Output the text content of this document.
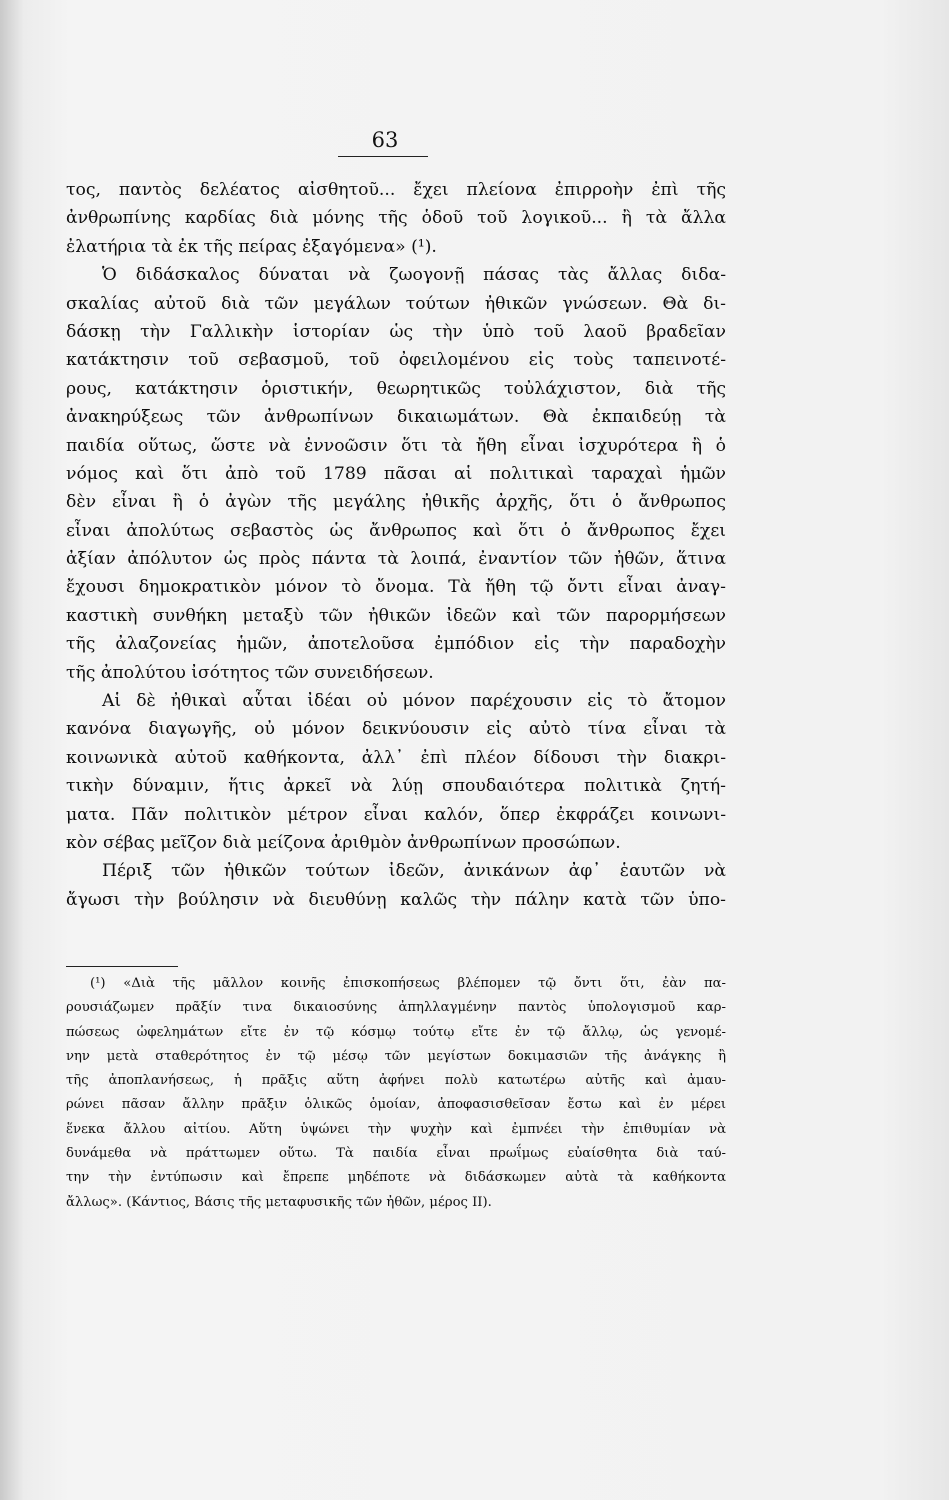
63
τος, παντὸς δελέατος αἰσθητοῦ... ἔχει πλείονα ἐπιρροὴν ἐπὶ τῆς
ἀνθρωπίνης καρδίας διὰ μόνης τῆς ὁδοῦ τοῦ λογικοῦ... ἢ τὰ ἄλλα
ἐλατήρια τὰ ἐκ τῆς πείρας ἐξαγόμενα» (¹).
Ὁ διδάσκαλος δύναται νὰ ζωογονῇ πάσας τὰς ἄλλας διδα-
σκαλίας αὐτοῦ διὰ τῶν μεγάλων τούτων ἠθικῶν γνώσεων. Θὰ δι-
δάσκῃ τὴν Γαλλικὴν ἱστορίαν ὡς τὴν ὑπὸ τοῦ λαοῦ βραδεῖαν
κατάκτησιν τοῦ σεβασμοῦ, τοῦ ὀφειλομένου εἰς τοὺς ταπεινοτέ-
ρους, κατάκτησιν ὁριστικήν, θεωρητικῶς τοὐλάχιστον, διὰ τῆς
ἀνακηρύξεως τῶν ἀνθρωπίνων δικαιωμάτων. Θὰ ἐκπαιδεύῃ τὰ
παιδία οὕτως, ὥστε νὰ ἐννοῶσιν ὅτι τὰ ἤθη εἶναι ἰσχυρότερα ἢ ὁ
νόμος καὶ ὅτι ἀπὸ τοῦ 1789 πᾶσαι αἱ πολιτικαὶ ταραχαὶ ἡμῶν
δὲν εἶναι ἢ ὁ ἀγὼν τῆς μεγάλης ἠθικῆς ἀρχῆς, ὅτι ὁ ἄνθρωπος
εἶναι ἀπολύτως σεβαστὸς ὡς ἄνθρωπος καὶ ὅτι ὁ ἄνθρωπος ἔχει
ἀξίαν ἀπόλυτον ὡς πρὸς πάντα τὰ λοιπά, ἐναντίον τῶν ἠθῶν, ἅτινα
ἔχουσι δημοκρατικὸν μόνον τὸ ὄνομα. Τὰ ἤθη τῷ ὄντι εἶναι ἀναγ-
καστικὴ συνθήκη μεταξὺ τῶν ἠθικῶν ἰδεῶν καὶ τῶν παρορμήσεων
τῆς ἀλαζονείας ἡμῶν, ἀποτελοῦσα ἐμπόδιον εἰς τὴν παραδοχὴν
τῆς ἀπολύτου ἰσότητος τῶν συνειδήσεων.
Αἱ δὲ ἠθικαὶ αὗται ἰδέαι οὐ μόνον παρέχουσιν εἰς τὸ ἄτομον
κανόνα διαγωγῆς, οὐ μόνον δεικνύουσιν εἰς αὐτὸ τίνα εἶναι τὰ
κοινωνικὰ αὐτοῦ καθήκοντα, ἀλλ᾽ ἐπὶ πλέον δίδουσι τὴν διακρι-
τικὴν δύναμιν, ἥτις ἀρκεῖ νὰ λύῃ σπουδαιότερα πολιτικὰ ζητή-
ματα. Πᾶν πολιτικὸν μέτρον εἶναι καλόν, ὅπερ ἐκφράζει κοινωνι-
κὸν σέβας μεῖζον διὰ μείζονα ἀριθμὸν ἀνθρωπίνων προσώπων.
Πέριξ τῶν ἠθικῶν τούτων ἰδεῶν, ἀνικάνων ἀφ᾽ ἑαυτῶν νὰ
ἄγωσι τὴν βούλησιν νὰ διευθύνῃ καλῶς τὴν πάλην κατὰ τῶν ὑπο-
(¹) «Διὰ τῆς μᾶλλον κοινῆς ἐπισκοπήσεως βλέπομεν τῷ ὄντι ὅτι, ἐὰν πα-
ρουσιάζωμεν πρᾶξίν τινα δικαιοσύνης ἀπηλλαγμένην παντὸς ὑπολογισμοῦ καρ-
πώσεως ὠφελημάτων εἴτε ἐν τῷ κόσμῳ τούτῳ εἴτε ἐν τῷ ἄλλῳ, ὡς γενομέ-
νην μετὰ σταθερότητος ἐν τῷ μέσῳ τῶν μεγίστων δοκιμασιῶν τῆς ἀνάγκης ἢ
τῆς ἀποπλανήσεως, ἡ πρᾶξις αὕτη ἀφήνει πολὺ κατωτέρω αὐτῆς καὶ ἀμαυ-
ρώνει πᾶσαν ἄλλην πρᾶξιν ὁλικῶς ὁμοίαν, ἀποφασισθεῖσαν ἔστω καὶ ἐν μέρει
ἕνεκα ἄλλου αἰτίου. Αὕτη ὑψώνει τὴν ψυχὴν καὶ ἐμπνέει τὴν ἐπιθυμίαν νὰ
δυνάμεθα νὰ πράττωμεν οὕτω. Τὰ παιδία εἶναι πρωΐμως εὐαίσθητα διὰ ταύ-
την τὴν ἐντύπωσιν καὶ ἔπρεπε μηδέποτε νὰ διδάσκωμεν αὐτὰ τὰ καθήκοντα
ἄλλως». (Κάντιος, Βάσις τῆς μεταφυσικῆς τῶν ἠθῶν, μέρος ΙΙ).
